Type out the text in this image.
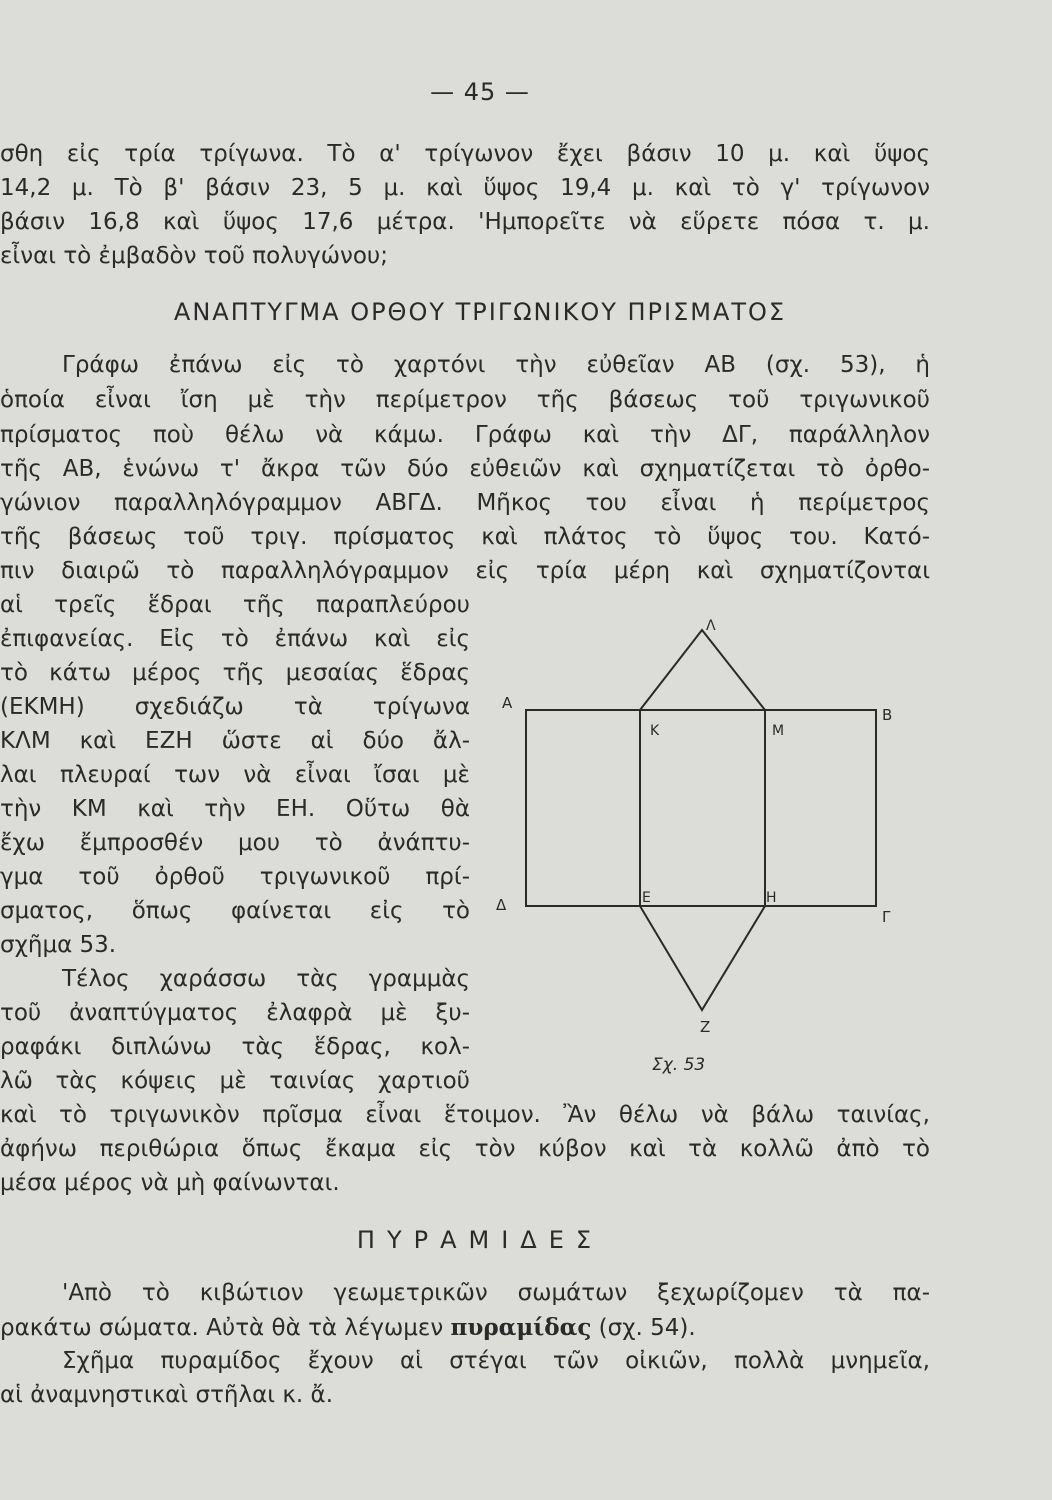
— 45 —
σθη εἰς τρία τρίγωνα. Τὸ α' τρίγωνον ἔχει βάσιν 10 μ. καὶ ὕψος
14,2 μ. Τὸ β' βάσιν 23, 5 μ. καὶ ὕψος 19,4 μ. καὶ τὸ γ' τρίγωνον
βάσιν 16,8 καὶ ὕψος 17,6 μέτρα. 'Ημπορεῖτε νὰ εὕρετε πόσα τ. μ.
εἶναι τὸ ἐμβαδὸν τοῦ πολυγώνου;
ΑΝΑΠΤΥΓΜΑ ΟΡΘΟΥ ΤΡΙΓΩΝΙΚΟΥ ΠΡΙΣΜΑΤΟΣ
Γράφω ἐπάνω εἰς τὸ χαρτόνι τὴν εὐθεῖαν ΑΒ (σχ. 53), ἡ
ὁποία εἶναι ἴση μὲ τὴν περίμετρον τῆς βάσεως τοῦ τριγωνικοῦ
πρίσματος ποὺ θέλω νὰ κάμω. Γράφω καὶ τὴν ΔΓ, παράλληλον
τῆς ΑΒ, ἑνώνω τ' ἄκρα τῶν δύο εὐθειῶν καὶ σχηματίζεται τὸ ὀρθο-
γώνιον παραλληλόγραμμον ΑΒΓΔ. Μῆκος του εἶναι ἡ περίμετρος
τῆς βάσεως τοῦ τριγ. πρίσματος καὶ πλάτος τὸ ὕψος του. Κατό-
πιν διαιρῶ τὸ παραλληλόγραμμον εἰς τρία μέρη καὶ σχηματίζονται
αἱ τρεῖς ἕδραι τῆς παραπλεύρου
ἐπιφανείας. Εἰς τὸ ἐπάνω καὶ εἰς
τὸ κάτω μέρος τῆς μεσαίας ἕδρας
(ΕΚΜΗ) σχεδιάζω τὰ τρίγωνα
ΚΛΜ καὶ ΕΖΗ ὥστε αἱ δύο ἄλ-
λαι πλευραί των νὰ εἶναι ἴσαι μὲ
τὴν ΚΜ καὶ τὴν ΕΗ. Οὕτω θὰ
ἔχω ἔμπροσθέν μου τὸ ἀνάπτυ-
γμα τοῦ ὀρθοῦ τριγωνικοῦ πρί-
σματος, ὅπως φαίνεται εἰς τὸ
σχῆμα 53.
Τέλος χαράσσω τὰς γραμμὰς
τοῦ ἀναπτύγματος ἐλαφρὰ μὲ ξυ-
ραφάκι διπλώνω τὰς ἕδρας, κολ-
λῶ τὰς κόψεις μὲ ταινίας χαρτιοῦ
καὶ τὸ τριγωνικὸν πρῖσμα εἶναι ἕτοιμον. Ἂν θέλω νὰ βάλω ταινίας,
ἀφήνω περιθώρια ὅπως ἔκαμα εἰς τὸν κύβον καὶ τὰ κολλῶ ἀπὸ τὸ
μέσα μέρος νὰ μὴ φαίνωνται.
ΠΥΡΑΜΙΔΕΣ
'Απὸ τὸ κιβώτιον γεωμετρικῶν σωμάτων ξεχωρίζομεν τὰ πα-
ρακάτω σώματα. Αὐτὰ θὰ τὰ λέγωμεν πυραμίδας (σχ. 54).
Σχῆμα πυραμίδος ἔχουν αἱ στέγαι τῶν οἰκιῶν, πολλὰ μνημεῖα,
αἱ ἀναμνηστικαὶ στῆλαι κ. ἄ.
Α
Β
Γ
Δ
Κ	Μ
Ε	Η
Λ
Ζ
Σχ. 53
